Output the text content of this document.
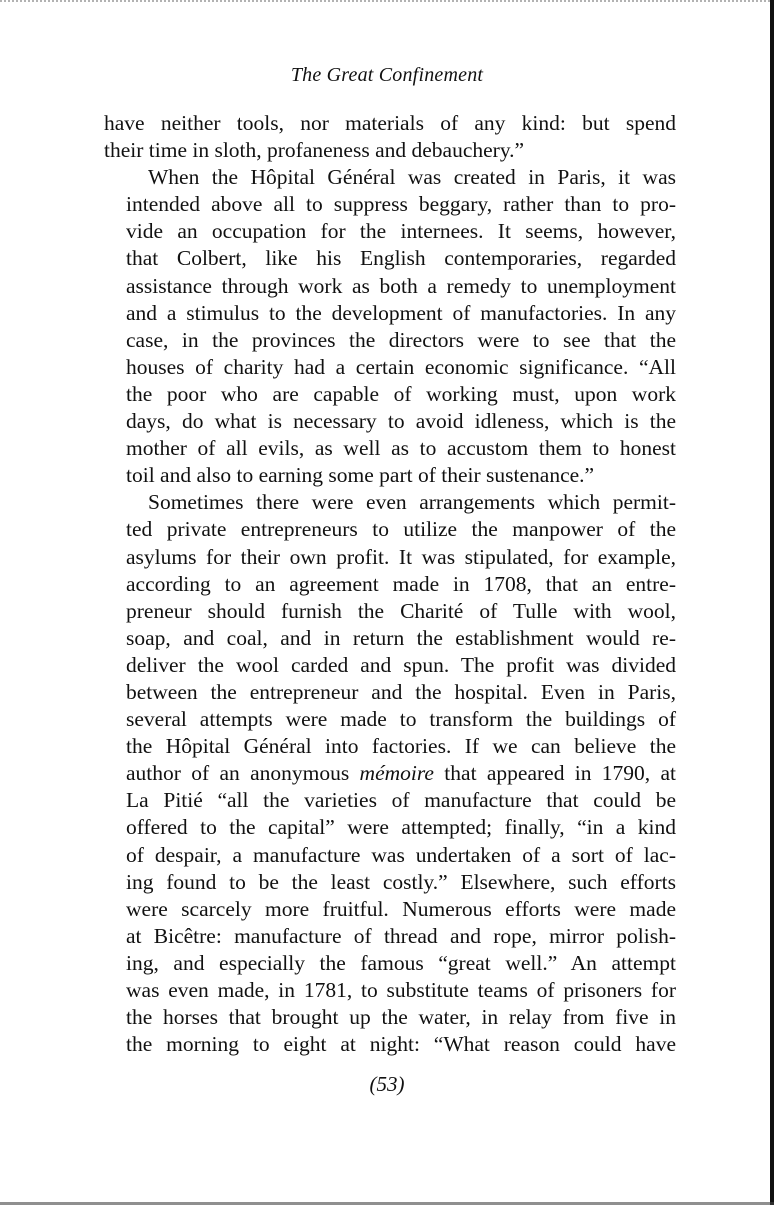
The Great Confinement

have neither tools, nor materials of any kind: but spend
their time in sloth, profaneness and debauchery.”

When the Hôpital Général was created in Paris, it was
intended above all to suppress beggary, rather than to pro-
vide an occupation for the internees. It seems, however,
that Colbert, like his English contemporaries, regarded
assistance through work as both a remedy to unemployment
and a stimulus to the development of manufactories. In any
case, in the provinces the directors were to see that the
houses of charity had a certain economic significance. “All
the poor who are capable of working must, upon work
days, do what is necessary to avoid idleness, which is the
mother of all evils, as well as to accustom them to honest
toil and also to earning some part of their sustenance.”

Sometimes there were even arrangements which permit-
ted private entrepreneurs to utilize the manpower of the
asylums for their own profit. It was stipulated, for example,
according to an agreement made in 1708, that an entre-
preneur should furnish the Charité of Tulle with wool,
soap, and coal, and in return the establishment would re-
deliver the wool carded and spun. The profit was divided
between the entrepreneur and the hospital. Even in Paris,
several attempts were made to transform the buildings of
the Hôpital Général into factories. If we can believe the
author of an anonymous mémoire that appeared in 1790, at
La Pitié “all the varieties of manufacture that could be
offered to the capital” were attempted; finally, “in a kind
of despair, a manufacture was undertaken of a sort of lac-
ing found to be the least costly.” Elsewhere, such efforts
were scarcely more fruitful. Numerous efforts were made
at Bicêtre: manufacture of thread and rope, mirror polish-
ing, and especially the famous “great well.” An attempt
was even made, in 1781, to substitute teams of prisoners for
the horses that brought up the water, in relay from five in
the morning to eight at night: “What reason could have

(53)
